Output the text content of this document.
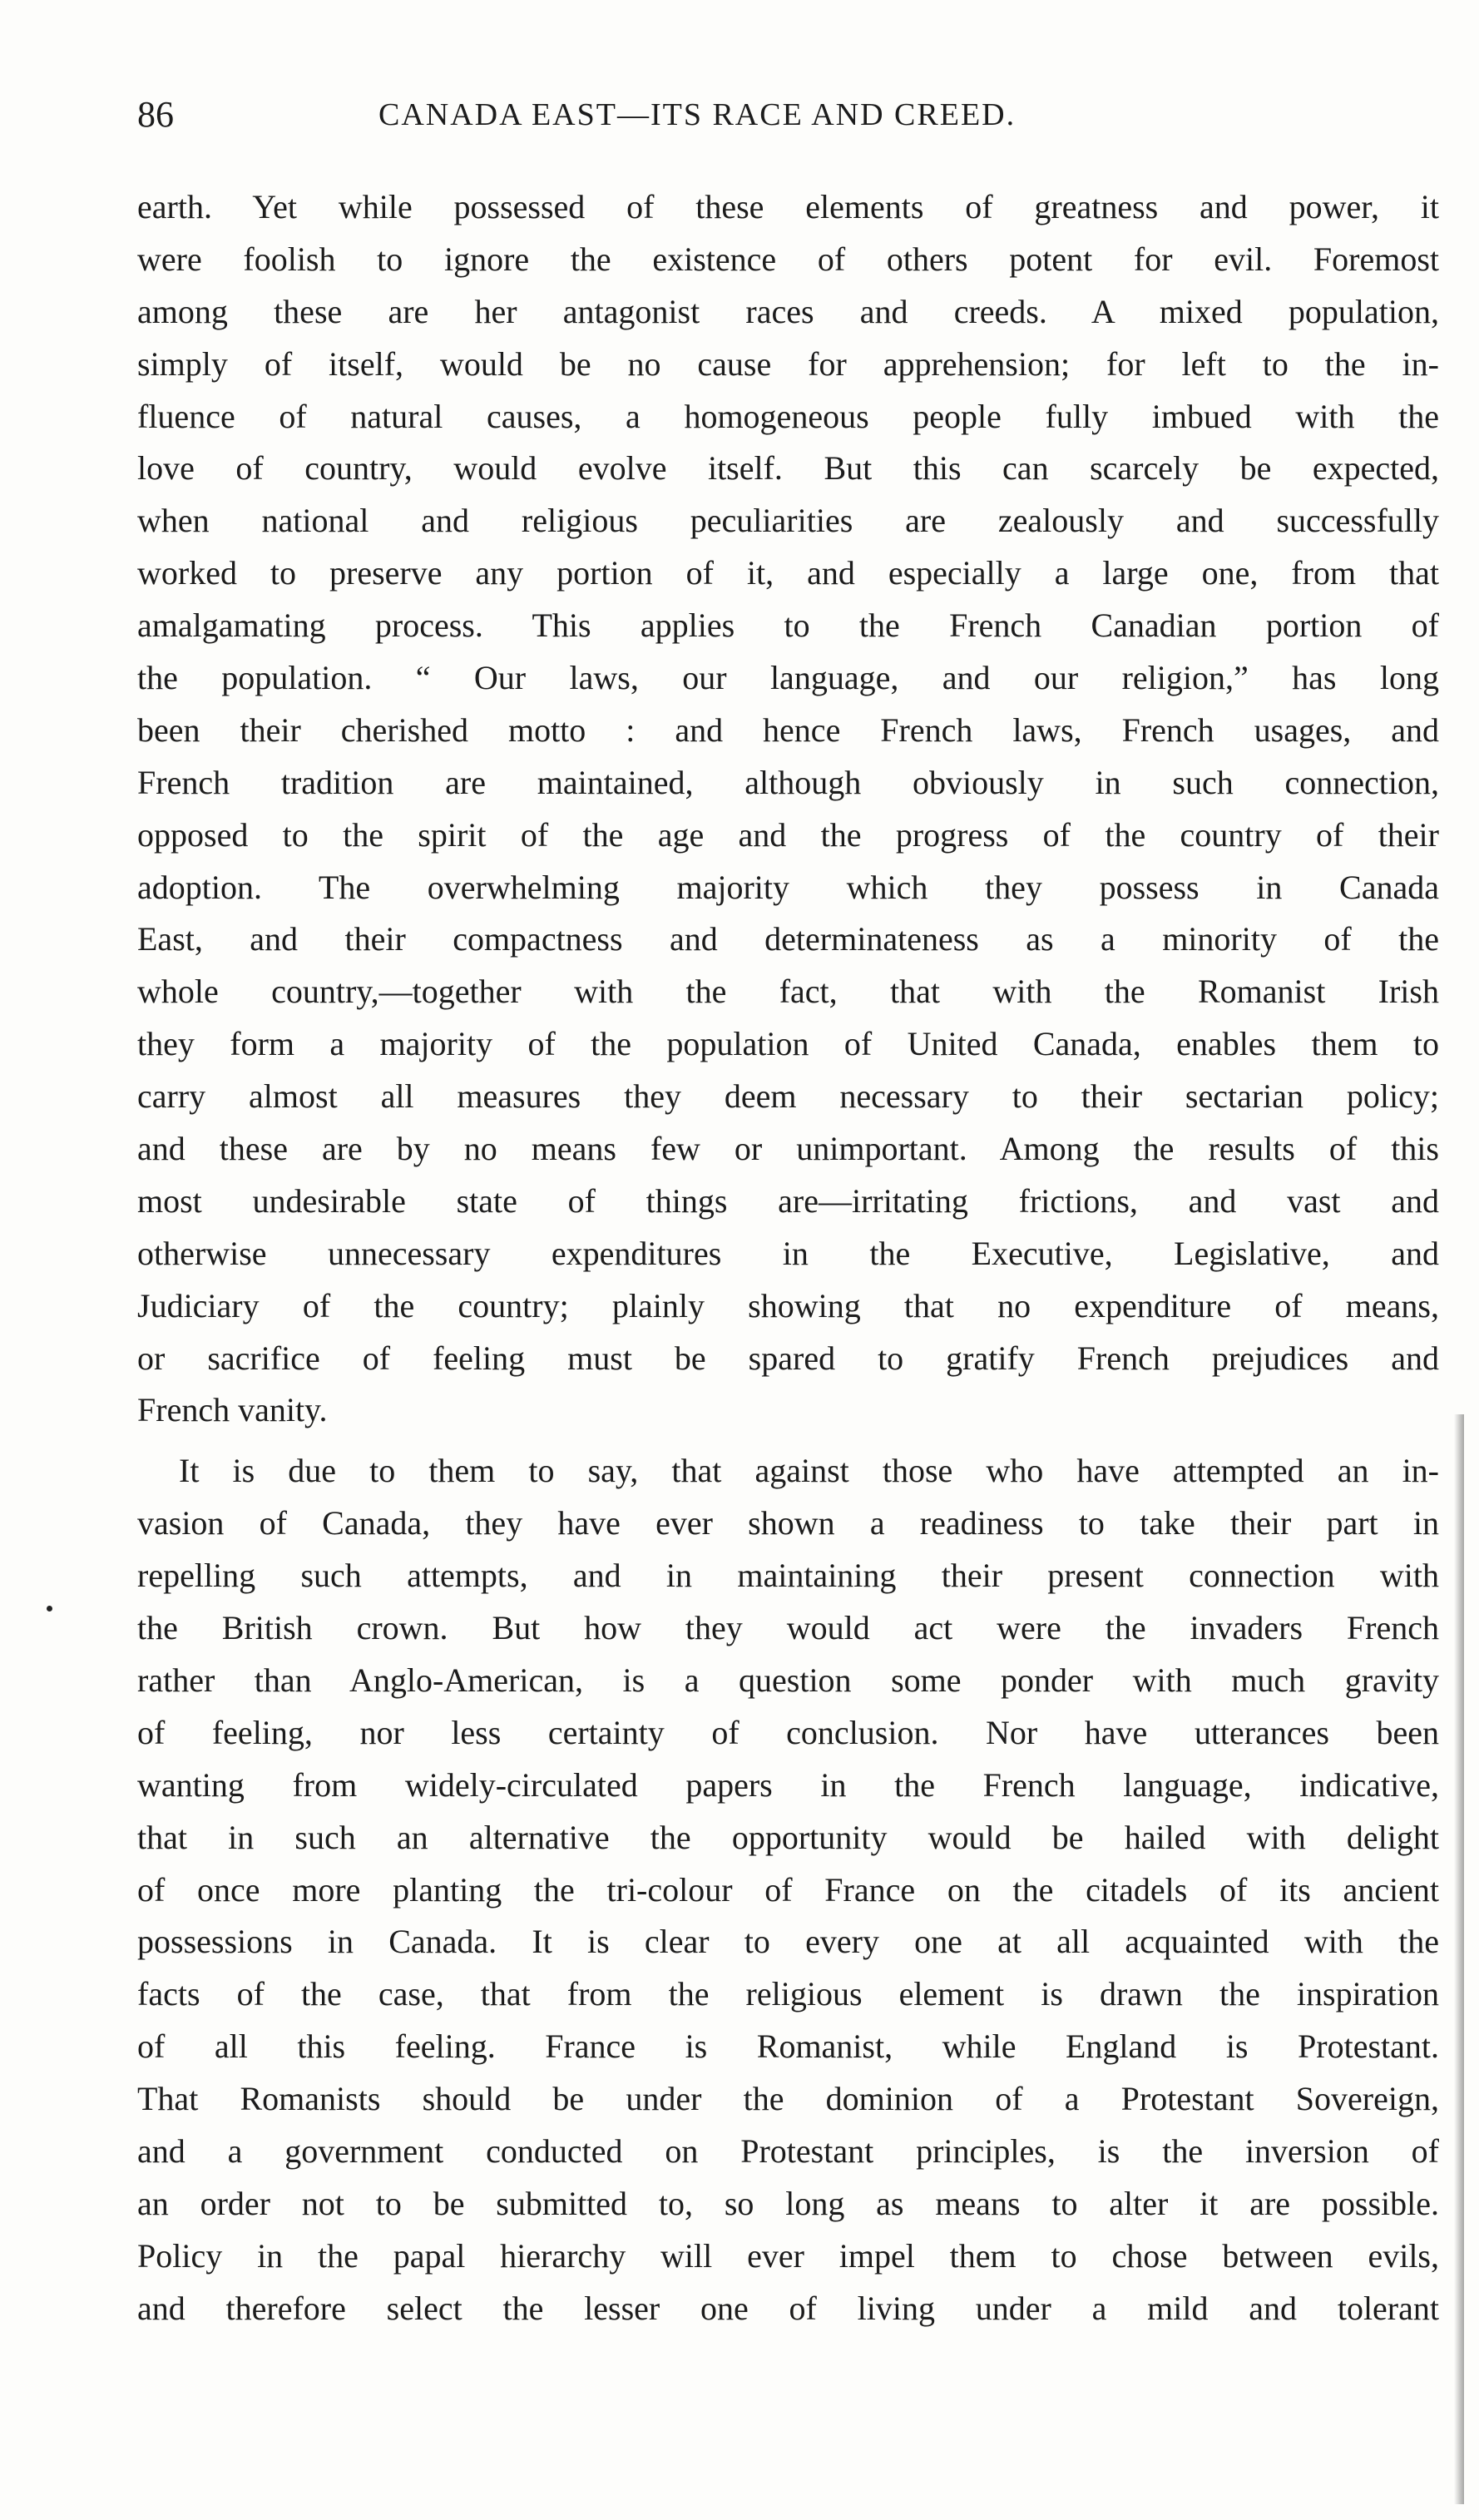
86	CANADA EAST—ITS RACE AND CREED.
earth. Yet while possessed of these elements of greatness and power, it
were foolish to ignore the existence of others potent for evil. Foremost
among these are her antagonist races and creeds. A mixed population,
simply of itself, would be no cause for apprehension; for left to the in-
fluence of natural causes, a homogeneous people fully imbued with the
love of country, would evolve itself. But this can scarcely be expected,
when national and religious peculiarities are zealously and successfully
worked to preserve any portion of it, and especially a large one, from that
amalgamating process. This applies to the French Canadian portion of
the population. “ Our laws, our language, and our religion,” has long
been their cherished motto : and hence French laws, French usages, and
French tradition are maintained, although obviously in such connection,
opposed to the spirit of the age and the progress of the country of their
adoption. The overwhelming majority which they possess in Canada
East, and their compactness and determinateness as a minority of the
whole country,—together with the fact, that with the Romanist Irish
they form a majority of the population of United Canada, enables them to
carry almost all measures they deem necessary to their sectarian policy;
and these are by no means few or unimportant. Among the results of this
most undesirable state of things are—irritating frictions, and vast and
otherwise unnecessary expenditures in the Executive, Legislative, and
Judiciary of the country; plainly showing that no expenditure of means,
or sacrifice of feeling must be spared to gratify French prejudices and
French vanity.
It is due to them to say, that against those who have attempted an in-
vasion of Canada, they have ever shown a readiness to take their part in
repelling such attempts, and in maintaining their present connection with
the British crown. But how they would act were the invaders French
rather than Anglo-American, is a question some ponder with much gravity
of feeling, nor less certainty of conclusion. Nor have utterances been
wanting from widely-circulated papers in the French language, indicative,
that in such an alternative the opportunity would be hailed with delight
of once more planting the tri-colour of France on the citadels of its ancient
possessions in Canada. It is clear to every one at all acquainted with the
facts of the case, that from the religious element is drawn the inspiration
of all this feeling. France is Romanist, while England is Protestant.
That Romanists should be under the dominion of a Protestant Sovereign,
and a government conducted on Protestant principles, is the inversion of
an order not to be submitted to, so long as means to alter it are possible.
Policy in the papal hierarchy will ever impel them to chose between evils,
and therefore select the lesser one of living under a mild and tolerant
